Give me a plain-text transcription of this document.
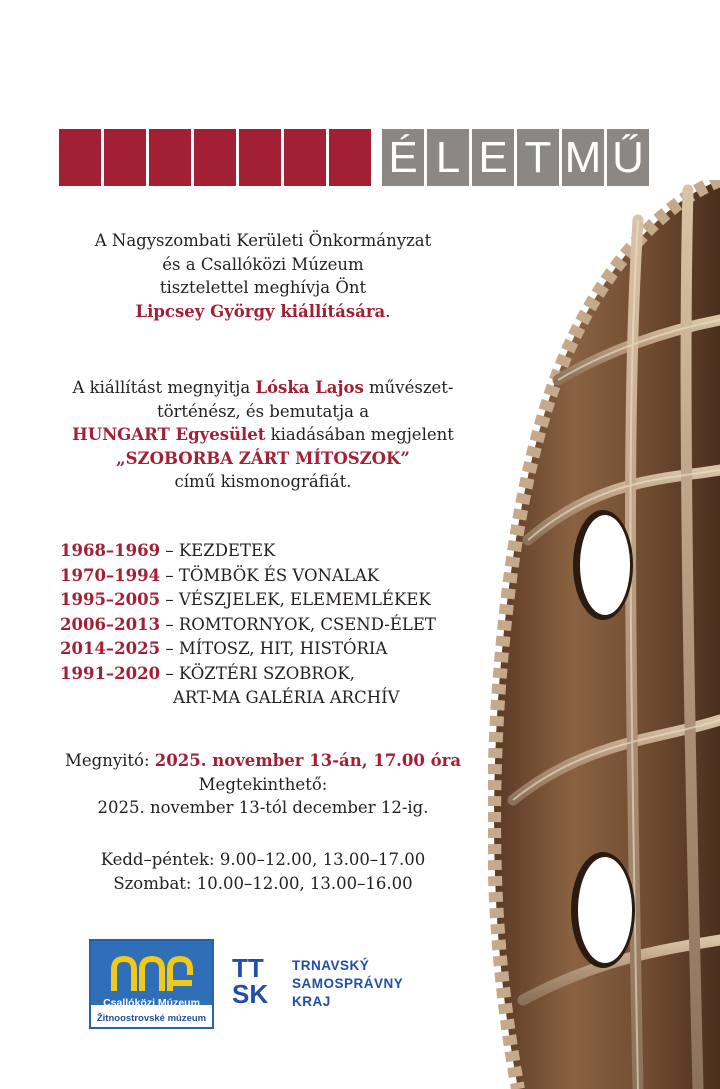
L I P C S E Y É L E T M Ű
A Nagyszombati Kerületi Önkormányzat
és a Csallóközi Múzeum
tisztelettel meghívja Önt
Lipcsey György kiállítására.
A kiállítást megnyitja Lóska Lajos művészet-
történész, és bemutatja a
HUNGART Egyesület kiadásában megjelent
„SZOBORBA ZÁRT MÍTOSZOK”
című kismonográfiát.
1968–1969 – KEZDETEK
1970–1994 – TÖMBÖK ÉS VONALAK
1995–2005 – VÉSZJELEK, ELEMEMLÉKEK
2006–2013 – ROMTORNYOK, CSEND-ÉLET
2014–2025 – MÍTOSZ, HIT, HISTÓRIA
1991–2020 – KÖZTÉRI SZOBROK,
ART-MA GALÉRIA ARCHÍV
Megnyitó: 2025. november 13-án, 17.00 óra
Megtekinthető:
2025. november 13-tól december 12-ig.
Kedd–péntek: 9.00–12.00, 13.00–17.00
Szombat: 10.00–12.00, 13.00–16.00
Csallóközi Múzeum
Žitnoostrovské múzeum
TT
SK
TRNAVSKÝ
SAMOSPRÁVNY
KRAJ
